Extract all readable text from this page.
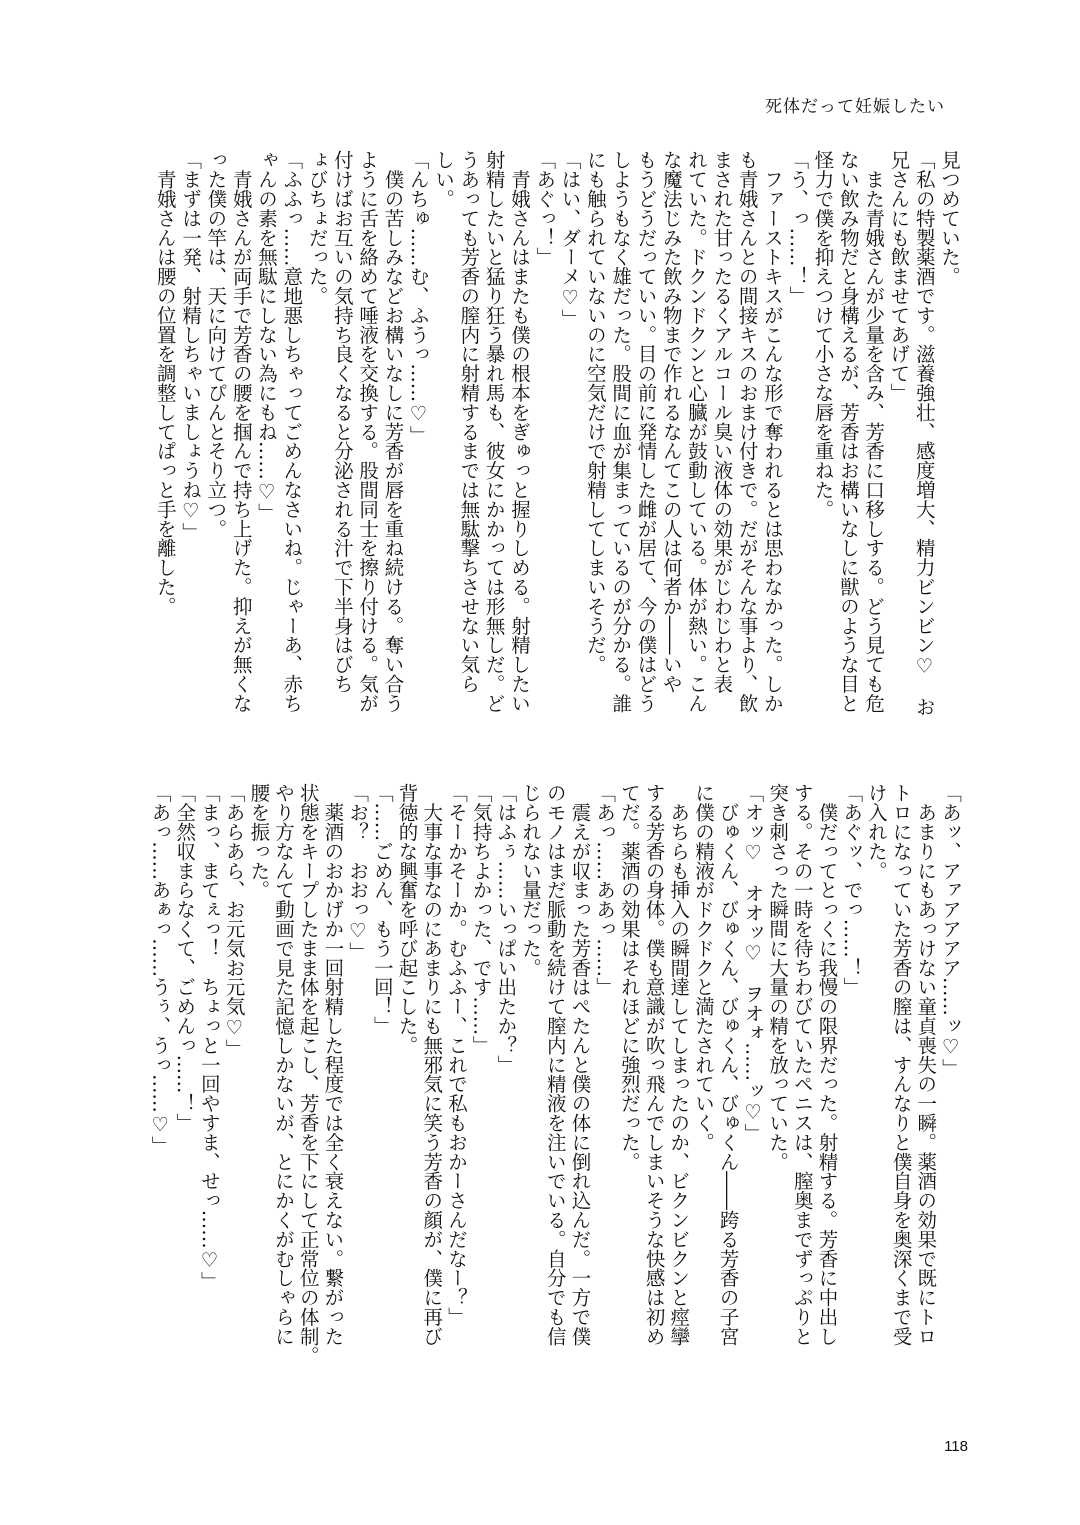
死体だって妊娠したい
見つめていた。
「私の特製薬酒です。滋養強壮、感度増大、精力ビンビン♡　お
兄さんにも飲ませてあげて」
　また青娥さんが少量を含み、芳香に口移しする。どう見ても危
ない飲み物だと身構えるが、芳香はお構いなしに獣のような目と
怪力で僕を抑えつけて小さな唇を重ねた。
「う、っ……！」
　ファーストキスがこんな形で奪われるとは思わなかった。しか
も青娥さんとの間接キスのおまけ付きで。だがそんな事より、飲
まされた甘ったるくアルコール臭い液体の効果がじわじわと表
れていた。ドクンドクンと心臓が鼓動している。体が熱い。こん
な魔法じみた飲み物まで作れるなんてこの人は何者か――いや
もうどうだっていい。目の前に発情した雌が居て、今の僕はどう
しようもなく雄だった。股間に血が集まっているのが分かる。誰
にも触られていないのに空気だけで射精してしまいそうだ。
「はい、ダーメ♡」
「あぐっ！」
　青娥さんはまたも僕の根本をぎゅっと握りしめる。射精したい
射精したいと猛り狂う暴れ馬も、彼女にかかっては形無しだ。ど
うあっても芳香の膣内に射精するまでは無駄撃ちさせない気ら
しい。
「んちゅ……む、ふうっ……♡」
　僕の苦しみなどお構いなしに芳香が唇を重ね続ける。奪い合う
ように舌を絡めて唾液を交換する。股間同士を擦り付ける。気が
付けばお互いの気持ち良くなると分泌される汁で下半身はびち
ょびちょだった。
「ふふっ……意地悪しちゃってごめんなさいね。じゃーあ、赤ち
ゃんの素を無駄にしない為にもね……♡」
　青娥さんが両手で芳香の腰を掴んで持ち上げた。抑えが無くな
った僕の竿は、天に向けてぴんとそり立つ。
「まずは一発、射精しちゃいましょうね♡」
　青娥さんは腰の位置を調整してぱっと手を離した。
「あッ、アァアアアア……ッ♡」
　あまりにもあっけない童貞喪失の一瞬。薬酒の効果で既にトロ
トロになっていた芳香の膣は、すんなりと僕自身を奥深くまで受
け入れた。
「あぐッ、でっ……！」
　僕だってとっくに我慢の限界だった。射精する。芳香に中出し
する。その一時を待ちわびていたペニスは、膣奥までずっぷりと
突き刺さった瞬間に大量の精を放っていた。
「オッ♡　オオッ♡　ヲオォ……ッ♡」
　びゅくん、びゅくん、びゅくん、びゅくん――跨る芳香の子宮
に僕の精液がドクドクと満たされていく。
　あちらも挿入の瞬間達してしまったのか、ビクンビクンと痙攣
する芳香の身体。僕も意識が吹っ飛んでしまいそうな快感は初め
てだ。薬酒の効果はそれほどに強烈だった。
「あっ……ああっ……」
　震えが収まった芳香はぺたんと僕の体に倒れ込んだ。一方で僕
のモノはまだ脈動を続けて膣内に精液を注いでいる。自分でも信
じられない量だった。
「はふぅ……いっぱい出たか？」
「気持ちよかった、です……」
「そーかそーか。むふふー、これで私もおかーさんだなー？」
　大事な事なのにあまりにも無邪気に笑う芳香の顔が、僕に再び
背徳的な興奮を呼び起こした。
「……ごめん、もう一回！」
「お？　おおっ♡」
　薬酒のおかげか一回射精した程度では全く衰えない。繋がった
状態をキープしたまま体を起こし、芳香を下にして正常位の体制。
やり方なんて動画で見た記憶しかないが、とにかくがむしゃらに
腰を振った。
「あらあら、お元気お元気♡」
「まっ、まてぇっ！　ちょっと一回やすま、せっ……♡」
「全然収まらなくて、ごめんっ……！」
「あっ……あぁっ……うぅ、うっ……♡」
118
